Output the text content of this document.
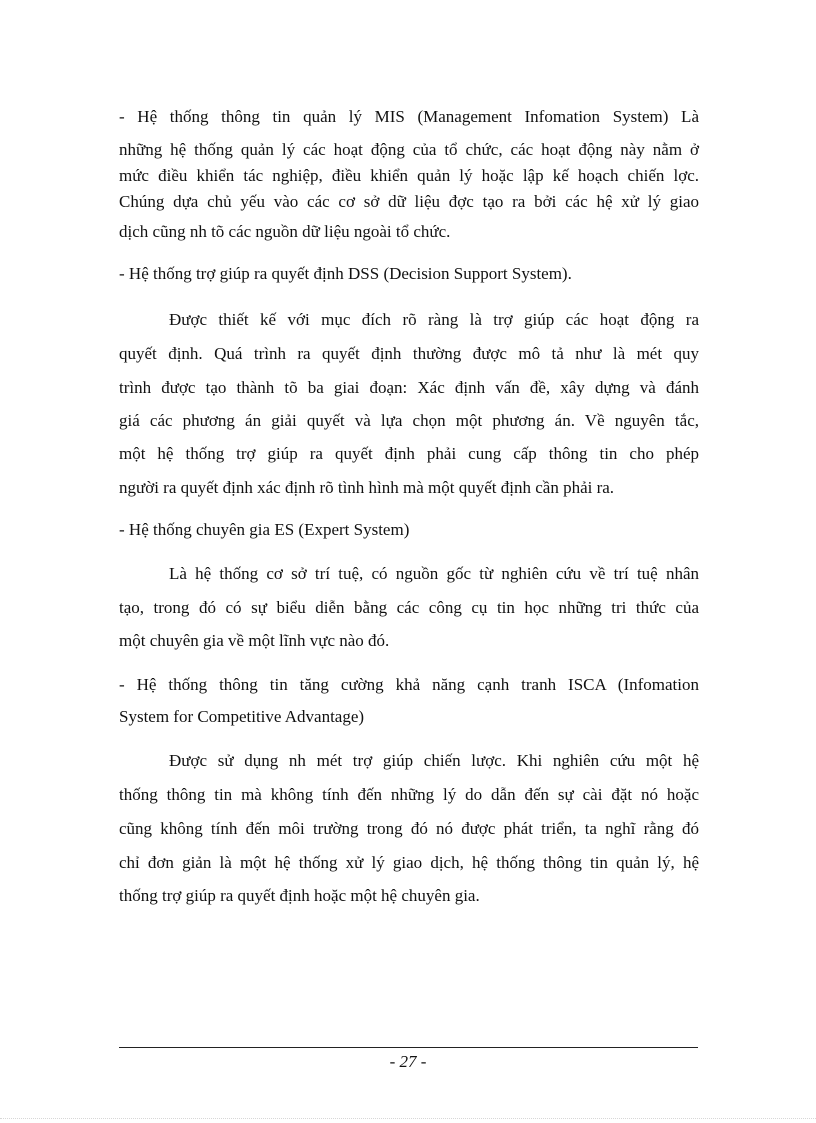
- Hệ thống thông tin quản lý MIS (Management Infomation System) Là
những hệ thống quản lý các hoạt động của tổ chức, các hoạt động này nằm ở
mức điều khiển tác nghiệp, điều khiển quản lý hoặc lập kế hoạch chiến lợc.
Chúng dựa chủ yếu vào các cơ sở dữ liệu đợc tạo ra bởi các hệ xử lý giao
dịch cũng nh tõ các nguồn dữ liệu ngoài tổ chức.
- Hệ thống trợ giúp ra quyết định DSS (Decision Support System).
Được thiết kế với mục đích rõ ràng là trợ giúp các hoạt động ra
quyết định. Quá trình ra quyết định thường được mô tả như là mét quy
trình được tạo thành tõ ba giai đoạn: Xác định vấn đề, xây dựng và đánh
giá các phương án giải quyết và lựa chọn một phương án. Về nguyên tắc,
một hệ thống trợ giúp ra quyết định phải cung cấp thông tin cho phép
người ra quyết định xác định rõ tình hình mà một quyết định cần phải ra.
- Hệ thống chuyên gia ES (Expert System)
Là hệ thống cơ sở trí tuệ, có nguồn gốc từ nghiên cứu về trí tuệ nhân
tạo, trong đó có sự biểu diễn bằng các công cụ tin học những tri thức của
một chuyên gia về một lĩnh vực nào đó.
- Hệ thống thông tin tăng cường khả năng cạnh tranh ISCA (Infomation
System for Competitive Advantage)
Được sử dụng nh mét trợ giúp chiến lược. Khi nghiên cứu một hệ
thống thông tin mà không tính đến những lý do dẫn đến sự cài đặt nó hoặc
cũng không tính đến môi trường trong đó nó được phát triển, ta nghĩ rằng đó
chỉ đơn giản là một hệ thống xử lý giao dịch, hệ thống thông tin quản lý, hệ
thống trợ giúp ra quyết định hoặc một hệ chuyên gia.
- 27 -
